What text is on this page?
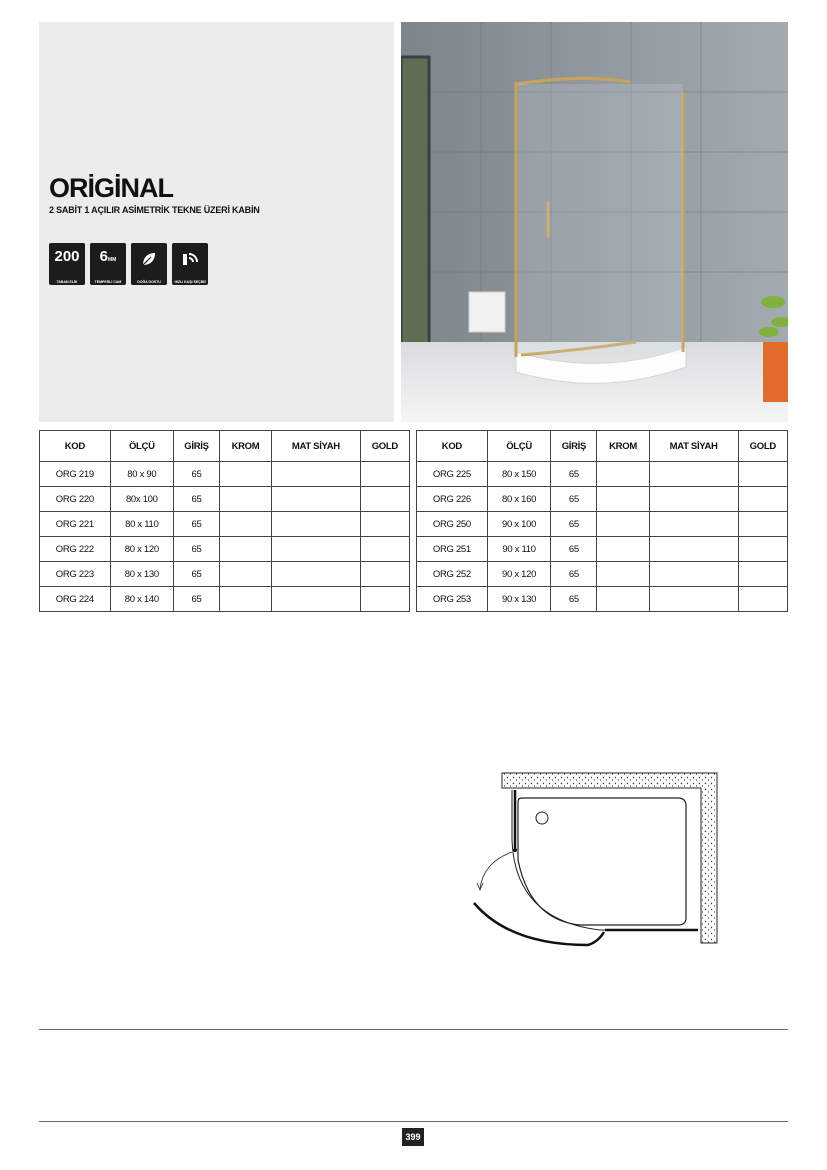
ORİGİNAL
2 SABİT 1 AÇILIR ASİMETRİK TEKNE ÜZERİ KABİN
200
TABAN ELİK
6MM
TEMPERLİ CAM	DOĞA DOSTU	HIZLI KAŞI SEÇİMİ
KOD	ÖLÇÜ	GİRİŞ	KROM	MAT SİYAH	GOLD
ORG 219	80 x 90	65			
ORG 220	80x 100	65			
ORG 221	80 x 110	65			
ORG 222	80 x 120	65			
ORG 223	80 x 130	65			
ORG 224	80 x 140	65			
KOD	ÖLÇÜ	GİRİŞ	KROM	MAT SİYAH	GOLD
ORG 225	80 x 150	65			
ORG 226	80 x 160	65			
ORG 250	90 x 100	65			
ORG 251	90 x 110	65			
ORG 252	90 x 120	65			
ORG 253	90 x 130	65			
399
